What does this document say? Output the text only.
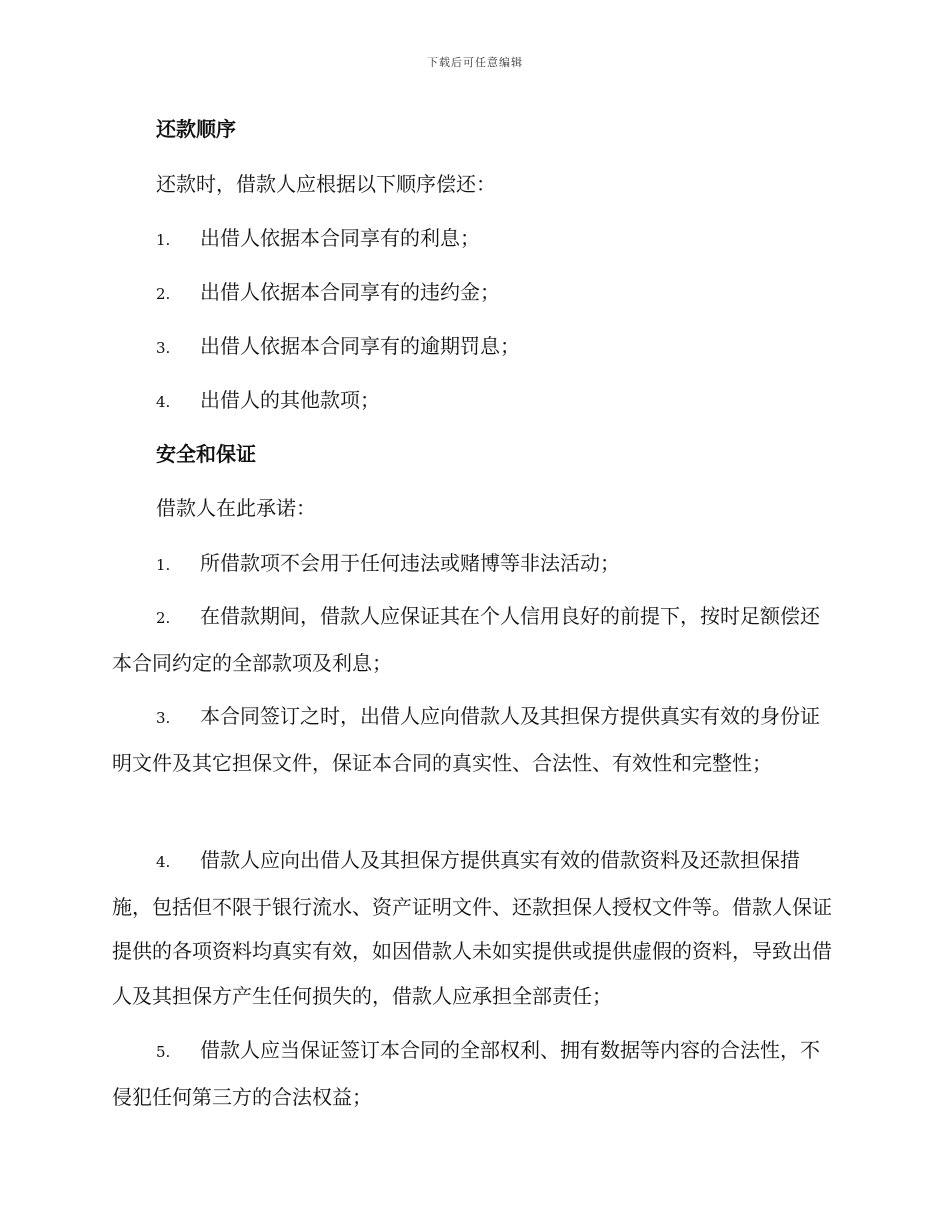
下载后可任意编辑
还款顺序
还款时，借款人应根据以下顺序偿还：
1. 出借人依据本合同享有的利息；
2. 出借人依据本合同享有的违约金；
3. 出借人依据本合同享有的逾期罚息；
4. 出借人的其他款项；
安全和保证
借款人在此承诺：
1. 所借款项不会用于任何违法或赌博等非法活动；
2. 在借款期间，借款人应保证其在个人信用良好的前提下，按时足额偿还本合同约定的全部款项及利息；
3. 本合同签订之时，出借人应向借款人及其担保方提供真实有效的身份证明文件及其它担保文件，保证本合同的真实性、合法性、有效性和完整性；
4. 借款人应向出借人及其担保方提供真实有效的借款资料及还款担保措施，包括但不限于银行流水、资产证明文件、还款担保人授权文件等。借款人保证提供的各项资料均真实有效，如因借款人未如实提供或提供虚假的资料，导致出借人及其担保方产生任何损失的，借款人应承担全部责任；
5. 借款人应当保证签订本合同的全部权利、拥有数据等内容的合法性，不侵犯任何第三方的合法权益；
